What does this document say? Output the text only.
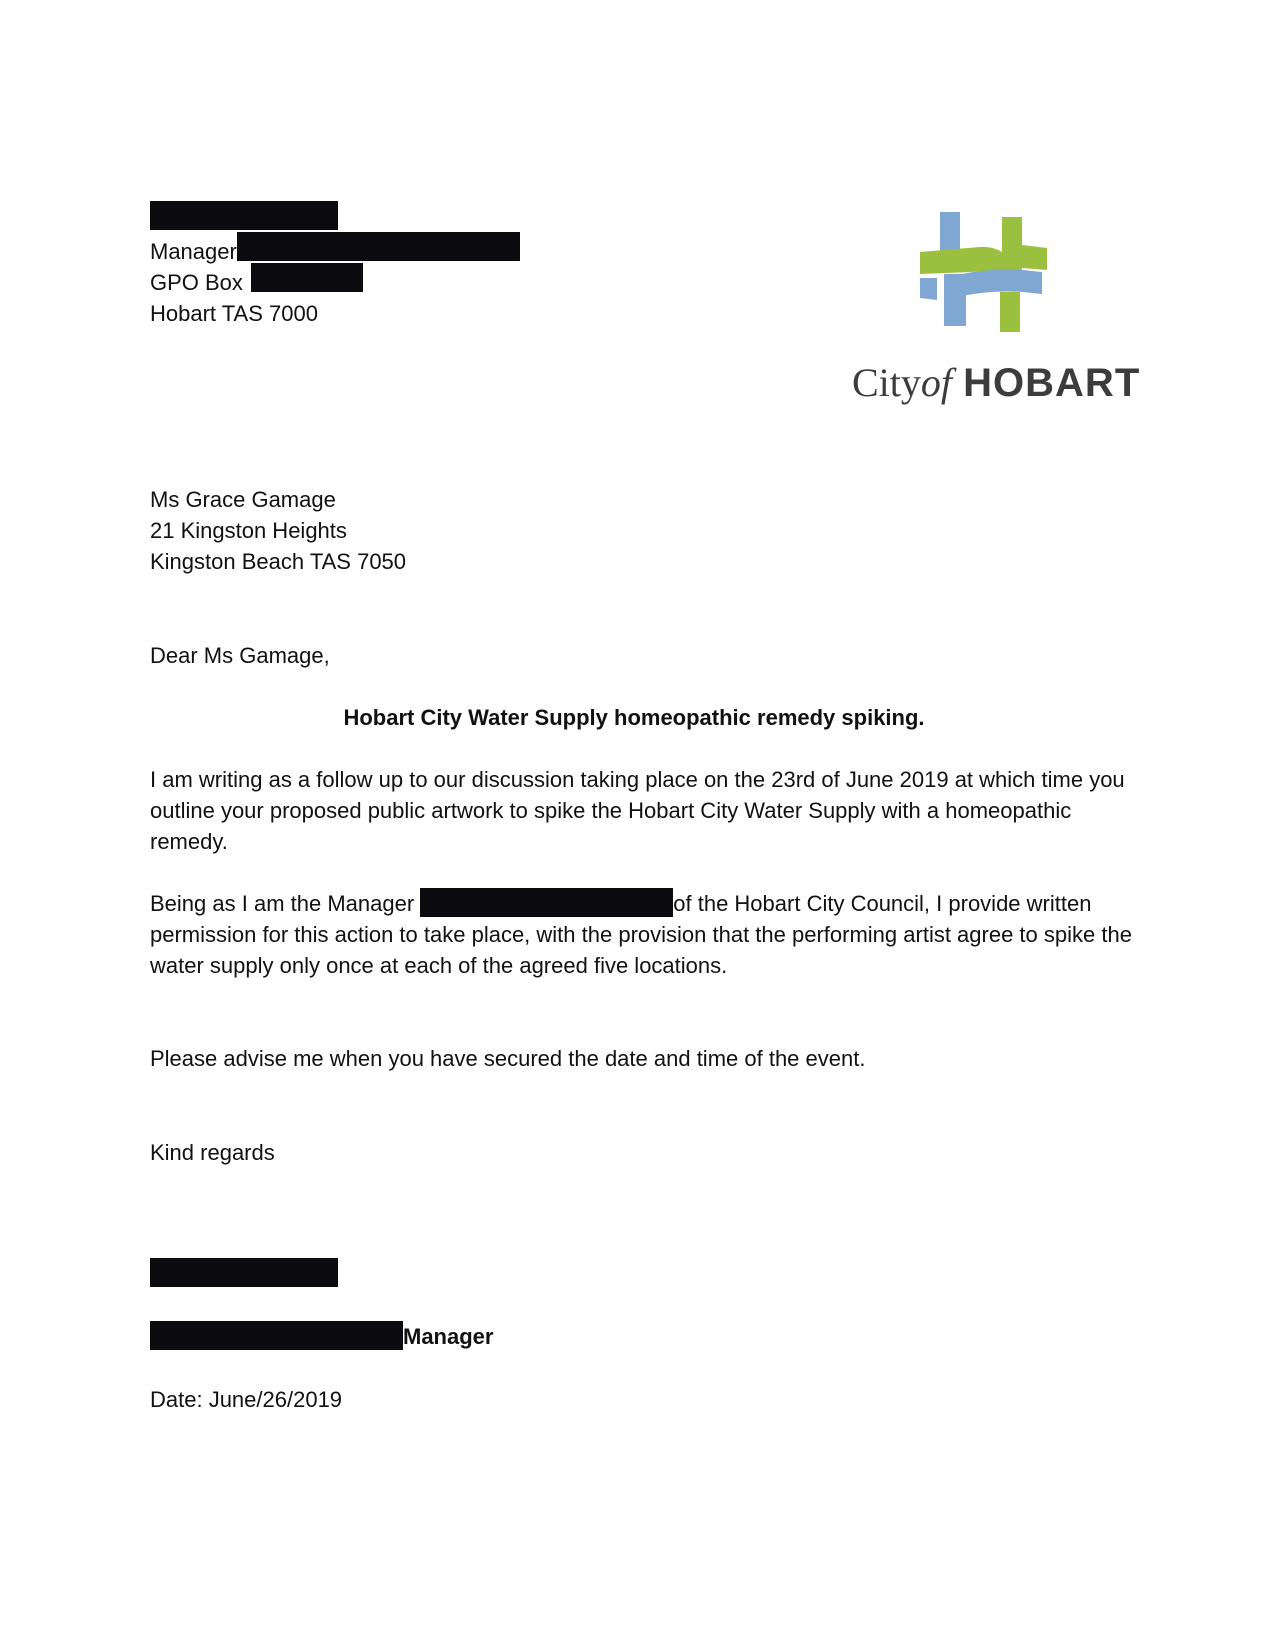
Manager
GPO Box
Hobart TAS 7000
Cityof HOBART
Ms Grace Gamage
21 Kingston Heights
Kingston Beach TAS 7050
Dear Ms Gamage,
Hobart City Water Supply homeopathic remedy spiking.
I am writing as a follow up to our discussion taking place on the 23rd of June 2019 at which time you outline your proposed public artwork to spike the Hobart City Water Supply with a homeopathic remedy.
Being as I am the Manager	of the Hobart City Council, I provide written permission for this action to take place, with the provision that the performing artist agree to spike the water supply only once at each of the agreed five locations.
Please advise me when you have secured the date and time of the event.
Kind regards
Manager
Date: June/26/2019
